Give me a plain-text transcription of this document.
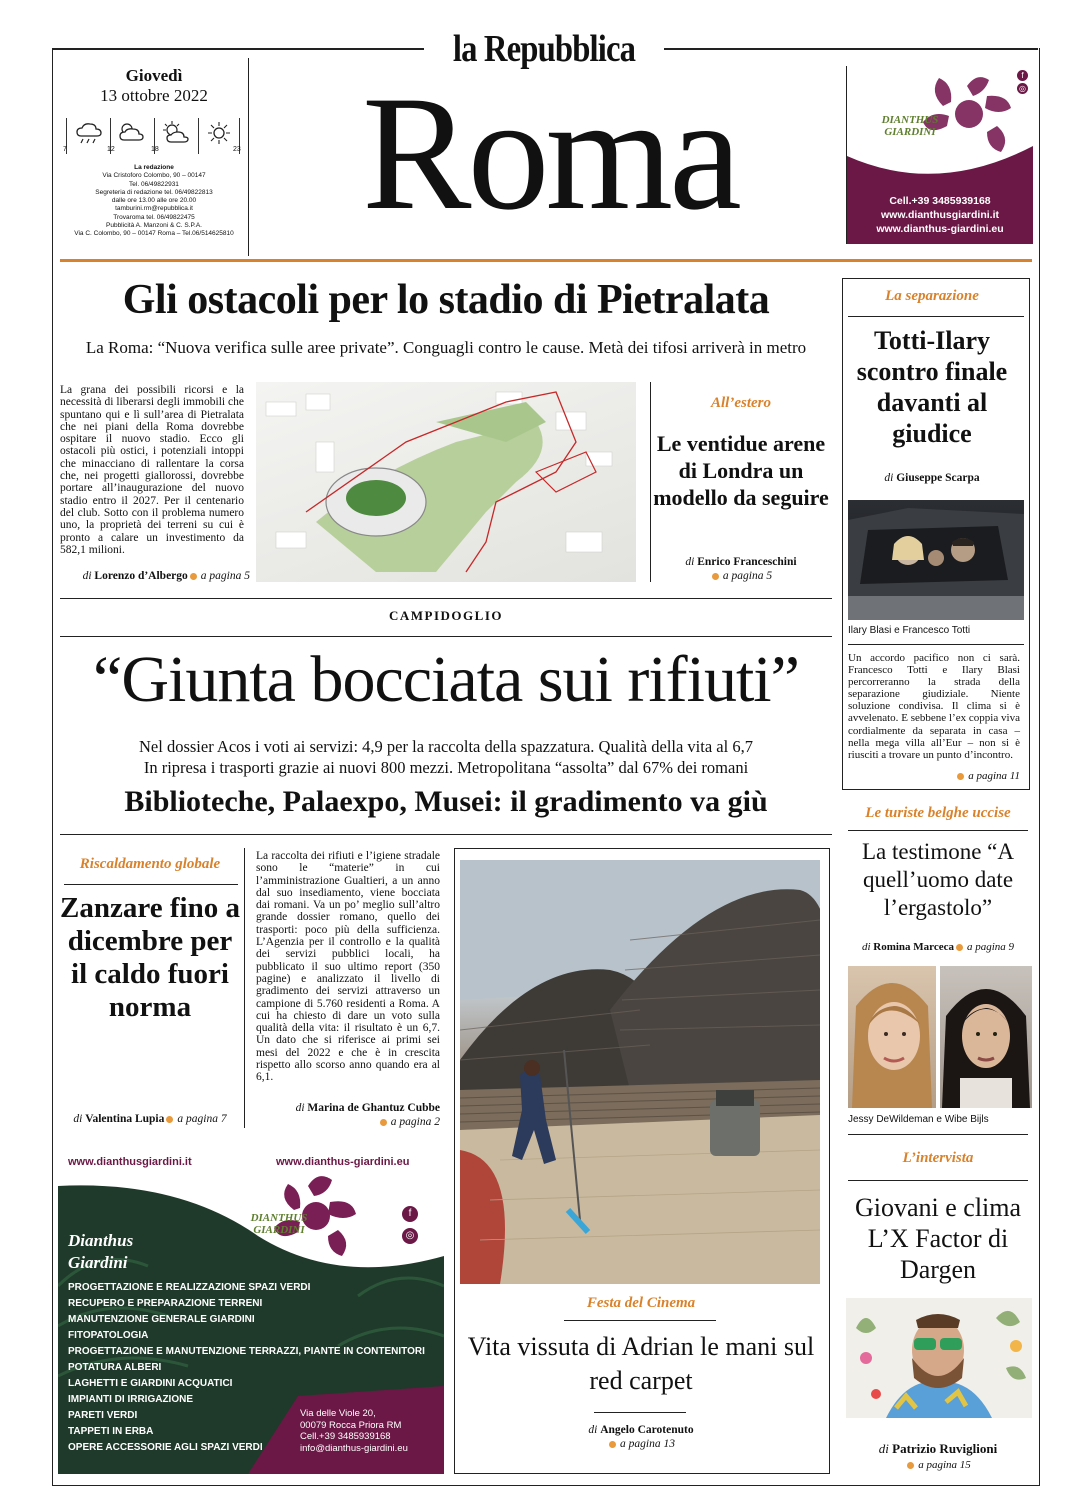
la Repubblica
Giovedì
13 ottobre 2022
7	12	18	23
La redazione
Via Cristoforo Colombo, 90 – 00147
Tel. 06/49822931
Segreteria di redazione tel. 06/49822813
dalle ore 13.00 alle ore 20.00
tamburini.rm@repubblica.it
Trovaroma tel. 06/49822475
Pubblicità A. Manzoni & C. S.P.A.
Via C. Colombo, 90 – 00147 Roma – Tel.06/514625810 Roma	DIANTHUS GIARDINI
f
◎
Cell.+39 3485939168
www.dianthusgiardini.it
www.dianthus-giardini.eu
Gli ostacoli per lo stadio di Pietralata
La Roma: “Nuova verifica sulle aree private”. Conguagli contro le cause. Metà dei tifosi arriverà in metro
La grana dei possibili ricorsi e la necessità di liberarsi degli immobili che spuntano qui e lì sull’area di Pietralata che nei piani della Roma dovrebbe ospitare il nuovo stadio. Ecco gli ostacoli più ostici, i potenziali intoppi che minacciano di rallentare la corsa che, nei progetti giallorossi, dovrebbe portare all’inaugurazione del nuovo stadio entro il 2027. Per il centenario del club. Sotto con il problema numero uno, la proprietà dei terreni su cui è pronto a calare un investimento da 582,1 milioni.
di Lorenzo d’Albergo a pagina 5
All’estero
Le ventidue arene di Londra un modello da seguire
di Enrico Franceschini
a pagina 5
La separazione
Totti-Ilary scontro finale davanti al giudice
di Giuseppe Scarpa
Ilary Blasi e Francesco Totti
Un accordo pacifico non ci sarà. Francesco Totti e Ilary Blasi percorreranno la strada della separazione giudiziale. Niente soluzione condivisa. Il clima si è avvelenato. E sebbene l’ex coppia viva cordialmente da separata in casa – nella mega villa all’Eur – non si è riusciti a trovare un punto d’incontro.
a pagina 11
CAMPIDOGLIO
“Giunta bocciata sui rifiuti”
Nel dossier Acos i voti ai servizi: 4,9 per la raccolta della spazzatura. Qualità della vita al 6,7
In ripresa i trasporti grazie ai nuovi 800 mezzi. Metropolitana “assolta” dal 67% dei romani
Biblioteche, Palaexpo, Musei: il gradimento va giù
Riscaldamento globale
Zanzare fino a dicembre per il caldo fuori norma
di Valentina Lupia a pagina 7
La raccolta dei rifiuti e l’igiene stradale sono le “materie” in cui l’amministrazione Gualtieri, a un anno dal suo insediamento, viene bocciata dai romani. Va un po’ meglio sull’altro grande dossier romano, quello dei trasporti: poco più della sufficienza. L’Agenzia per il controllo e la qualità dei servizi pubblici locali, ha pubblicato il suo ultimo report (350 pagine) e analizzato il livello di gradimento dei servizi attraverso un campione di 5.760 residenti a Roma. A cui ha chiesto di dare un voto sulla qualità della vita: il risultato è un 6,7. Un dato che si riferisce ai primi sei mesi del 2022 e che è in crescita rispetto allo scorso anno quando era al 6,1.
di Marina de Ghantuz Cubbe
a pagina 2
Festa del Cinema
Vita vissuta di Adrian le mani sul red carpet
di Angelo Carotenuto
a pagina 13
Le turiste belghe uccise
La testimone “A quell’uomo date l’ergastolo”
di Romina Marceca a pagina 9
Jessy DeWildeman e Wibe Bijls
L’intervista
Giovani e clima L’X Factor di Dargen
di Patrizio Ruviglioni
a pagina 15
www.dianthusgiardini.it	www.dianthus-giardini.eu
DIANTHUS GIARDINI
f
◎
Dianthus
Giardini
PROGETTAZIONE E REALIZZAZIONE SPAZI VERDI
RECUPERO E PREPARAZIONE TERRENI
MANUTENZIONE GENERALE GIARDINI
FITOPATOLOGIA
PROGETTAZIONE E MANUTENZIONE TERRAZZI, PIANTE IN CONTENITORI
POTATURA ALBERI
LAGHETTI E GIARDINI ACQUATICI
IMPIANTI DI IRRIGAZIONE
PARETI VERDI
TAPPETI IN ERBA
OPERE ACCESSORIE AGLI SPAZI VERDI
Via delle Viole 20,
00079 Rocca Priora RM
Cell.+39 3485939168
info@dianthus-giardini.eu
